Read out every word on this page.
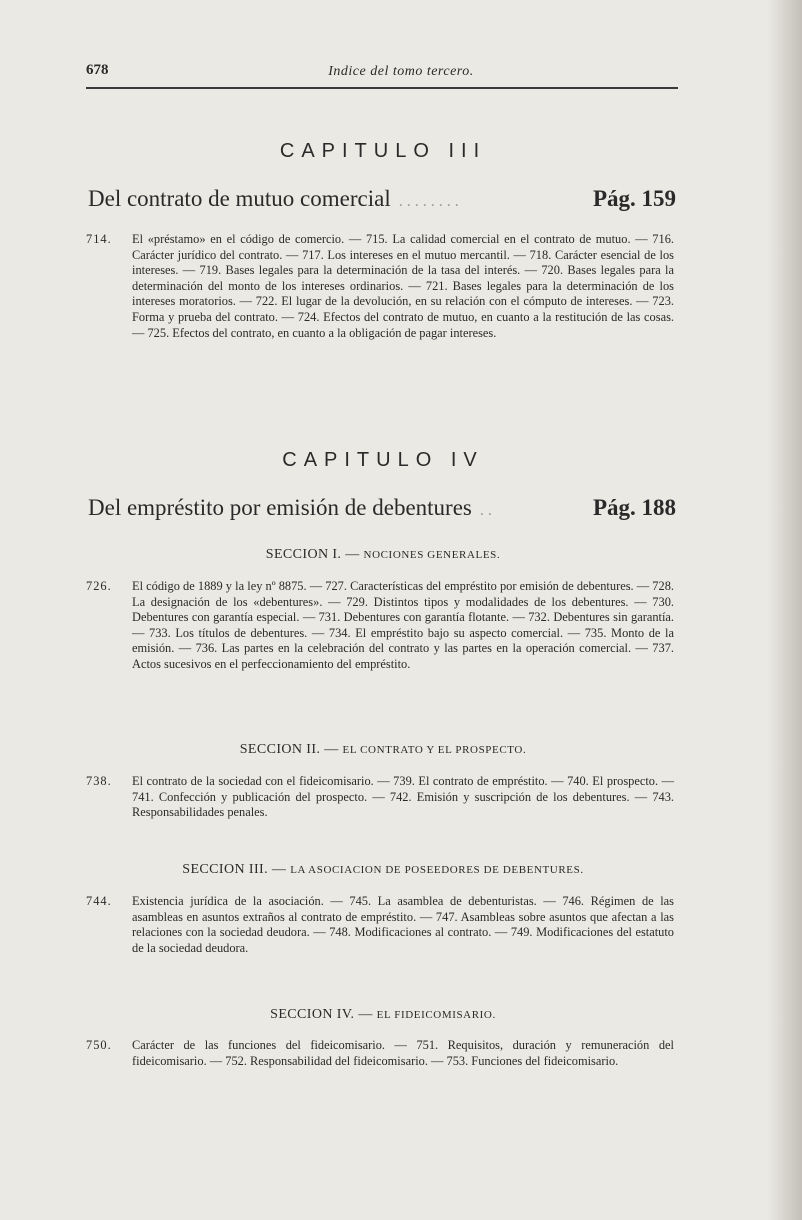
678	Indice del tomo tercero.
CAPITULO III
Del contrato de mutuo comercial . . . . . . . .	Pág. 159
714.	El «préstamo» en el código de comercio. — 715. La calidad comercial en el contrato de mutuo. — 716. Carácter jurídico del contrato. — 717. Los intereses en el mutuo mercantil. — 718. Carácter esencial de los intereses. — 719. Bases legales para la determinación de la tasa del interés. — 720. Bases legales para la determinación del monto de los intereses ordinarios. — 721. Bases legales para la determinación de los intereses moratorios. — 722. El lugar de la devolución, en su relación con el cómputo de intereses. — 723. Forma y prueba del contrato. — 724. Efectos del contrato de mutuo, en cuanto a la restitución de las cosas. — 725. Efectos del contrato, en cuanto a la obligación de pagar intereses.
CAPITULO IV
Del empréstito por emisión de debentures . .	Pág. 188
SECCION I. — NOCIONES GENERALES.
726.	El código de 1889 y la ley nº 8875. — 727. Características del empréstito por emisión de debentures. — 728. La designación de los «debentures». — 729. Distintos tipos y modalidades de los debentures. — 730. Debentures con garantía especial. — 731. Debentures con garantía flotante. — 732. Debentures sin garantía. — 733. Los títulos de debentures. — 734. El empréstito bajo su aspecto comercial. — 735. Monto de la emisión. — 736. Las partes en la celebración del contrato y las partes en la operación comercial. — 737. Actos sucesivos en el perfeccionamiento del empréstito.
SECCION II. — EL CONTRATO Y EL PROSPECTO.
738.	El contrato de la sociedad con el fideicomisario. — 739. El contrato de empréstito. — 740. El prospecto. — 741. Confección y publicación del prospecto. — 742. Emisión y suscripción de los debentures. — 743. Responsabilidades penales.
SECCION III. — LA ASOCIACION DE POSEEDORES DE DEBENTURES.
744.	Existencia jurídica de la asociación. — 745. La asamblea de debenturistas. — 746. Régimen de las asambleas en asuntos extraños al contrato de empréstito. — 747. Asambleas sobre asuntos que afectan a las relaciones con la sociedad deudora. — 748. Modificaciones al contrato. — 749. Modificaciones del estatuto de la sociedad deudora.
SECCION IV. — EL FIDEICOMISARIO.
750.	Carácter de las funciones del fideicomisario. — 751. Requisitos, duración y remuneración del fideicomisario. — 752. Responsabilidad del fideicomisario. — 753. Funciones del fideicomisario.
